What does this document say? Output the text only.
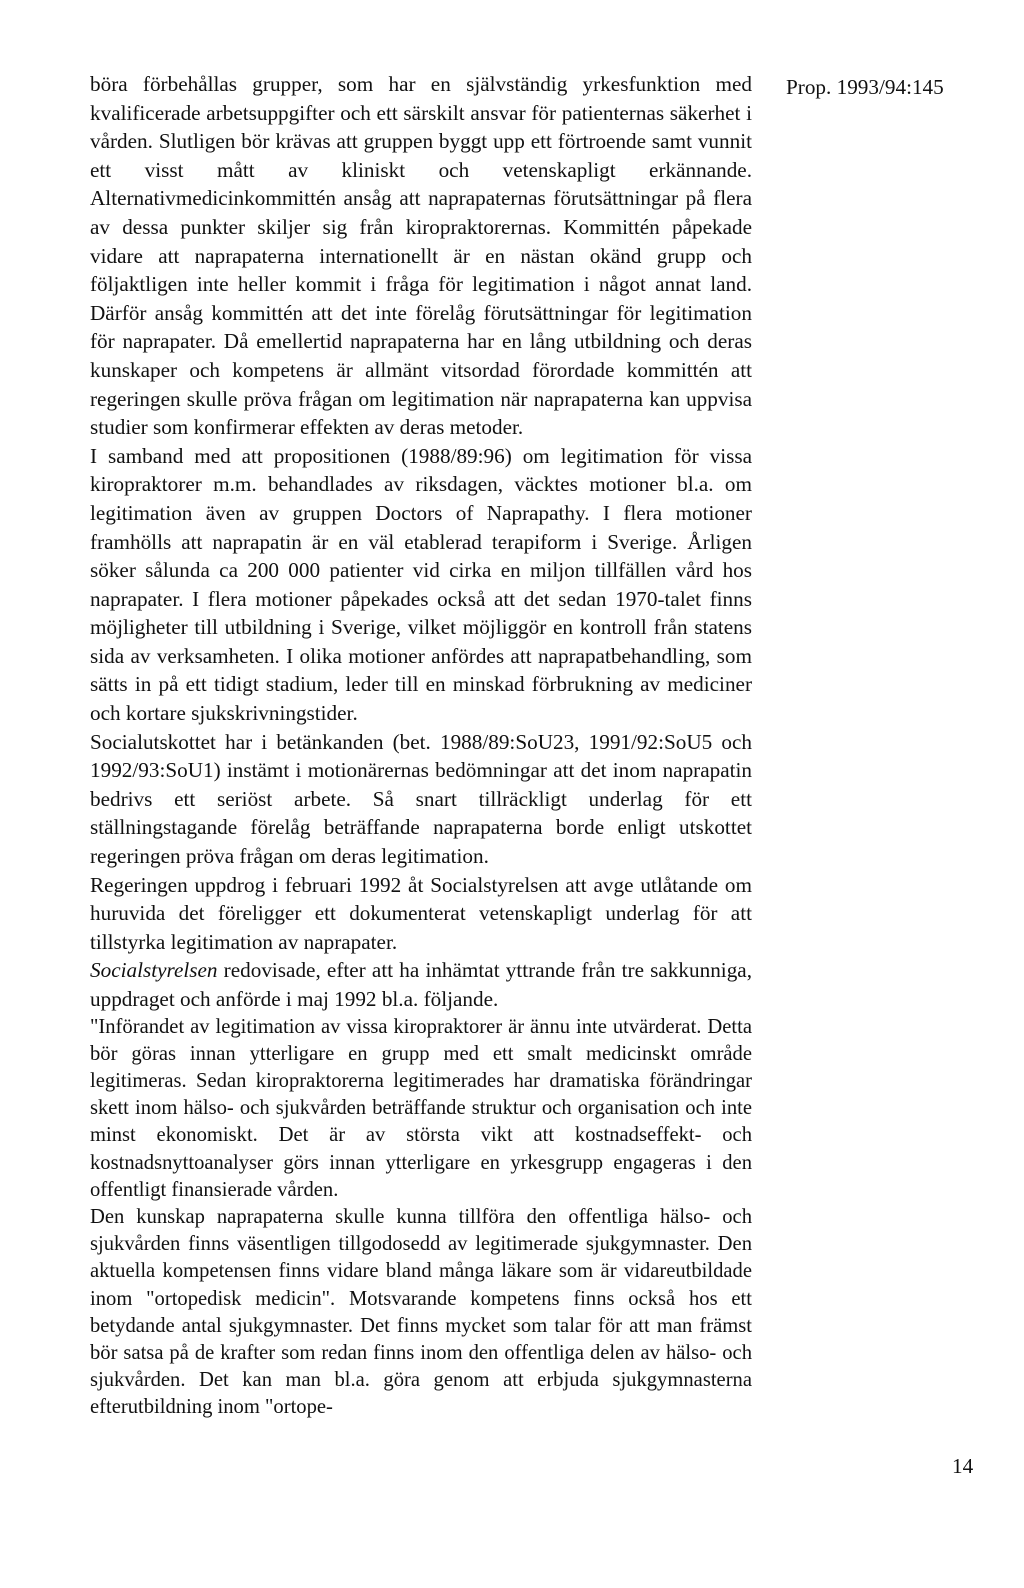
Prop. 1993/94:145

böra förbehållas grupper, som har en självständig yrkesfunktion med kvalificerade arbetsuppgifter och ett särskilt ansvar för patienternas säkerhet i vården. Slutligen bör krävas att gruppen byggt upp ett förtroende samt vunnit ett visst mått av kliniskt och vetenskapligt erkännande. Alternativmedicinkommittén ansåg att naprapaternas förutsättningar på flera av dessa punkter skiljer sig från kiropraktorernas. Kommittén påpekade vidare att naprapaterna internationellt är en nästan okänd grupp och följaktligen inte heller kommit i fråga för legitimation i något annat land. Därför ansåg kommittén att det inte förelåg förutsättningar för legitimation för naprapater. Då emellertid naprapaterna har en lång utbildning och deras kunskaper och kompetens är allmänt vitsordad förordade kommittén att regeringen skulle pröva frågan om legitimation när naprapaterna kan uppvisa studier som konfirmerar effekten av deras metoder.

I samband med att propositionen (1988/89:96) om legitimation för vissa kiropraktorer m.m. behandlades av riksdagen, väcktes motioner bl.a. om legitimation även av gruppen Doctors of Naprapathy. I flera motioner framhölls att naprapatin är en väl etablerad terapiform i Sverige. Årligen söker sålunda ca 200 000 patienter vid cirka en miljon tillfällen vård hos naprapater. I flera motioner påpekades också att det sedan 1970-talet finns möjligheter till utbildning i Sverige, vilket möjliggör en kontroll från statens sida av verksamheten. I olika motioner anfördes att naprapatbehandling, som sätts in på ett tidigt stadium, leder till en minskad förbrukning av mediciner och kortare sjukskrivningstider.

Socialutskottet har i betänkanden (bet. 1988/89:SoU23, 1991/92:SoU5 och 1992/93:SoU1) instämt i motionärernas bedömningar att det inom naprapatin bedrivs ett seriöst arbete. Så snart tillräckligt underlag för ett ställningstagande förelåg beträffande naprapaterna borde enligt utskottet regeringen pröva frågan om deras legitimation.

Regeringen uppdrog i februari 1992 åt Socialstyrelsen att avge utlåtande om huruvida det föreligger ett dokumenterat vetenskapligt underlag för att tillstyrka legitimation av naprapater.

Socialstyrelsen redovisade, efter att ha inhämtat yttrande från tre sakkunniga, uppdraget och anförde i maj 1992 bl.a. följande.

"Införandet av legitimation av vissa kiropraktorer är ännu inte utvärderat. Detta bör göras innan ytterligare en grupp med ett smalt medicinskt område legitimeras. Sedan kiropraktorerna legitimerades har dramatiska förändringar skett inom hälso- och sjukvården beträffande struktur och organisation och inte minst ekonomiskt. Det är av största vikt att kostnadseffekt- och kostnadsnyttoanalyser görs innan ytterligare en yrkesgrupp engageras i den offentligt finansierade vården.

Den kunskap naprapaterna skulle kunna tillföra den offentliga hälso- och sjukvården finns väsentligen tillgodosedd av legitimerade sjukgymnaster. Den aktuella kompetensen finns vidare bland många läkare som är vidareutbildade inom "ortopedisk medicin". Motsvarande kompetens finns också hos ett betydande antal sjukgymnaster. Det finns mycket som talar för att man främst bör satsa på de krafter som redan finns inom den offentliga delen av hälso- och sjukvården. Det kan man bl.a. göra genom att erbjuda sjukgymnasterna efterutbildning inom "ortope-

14
